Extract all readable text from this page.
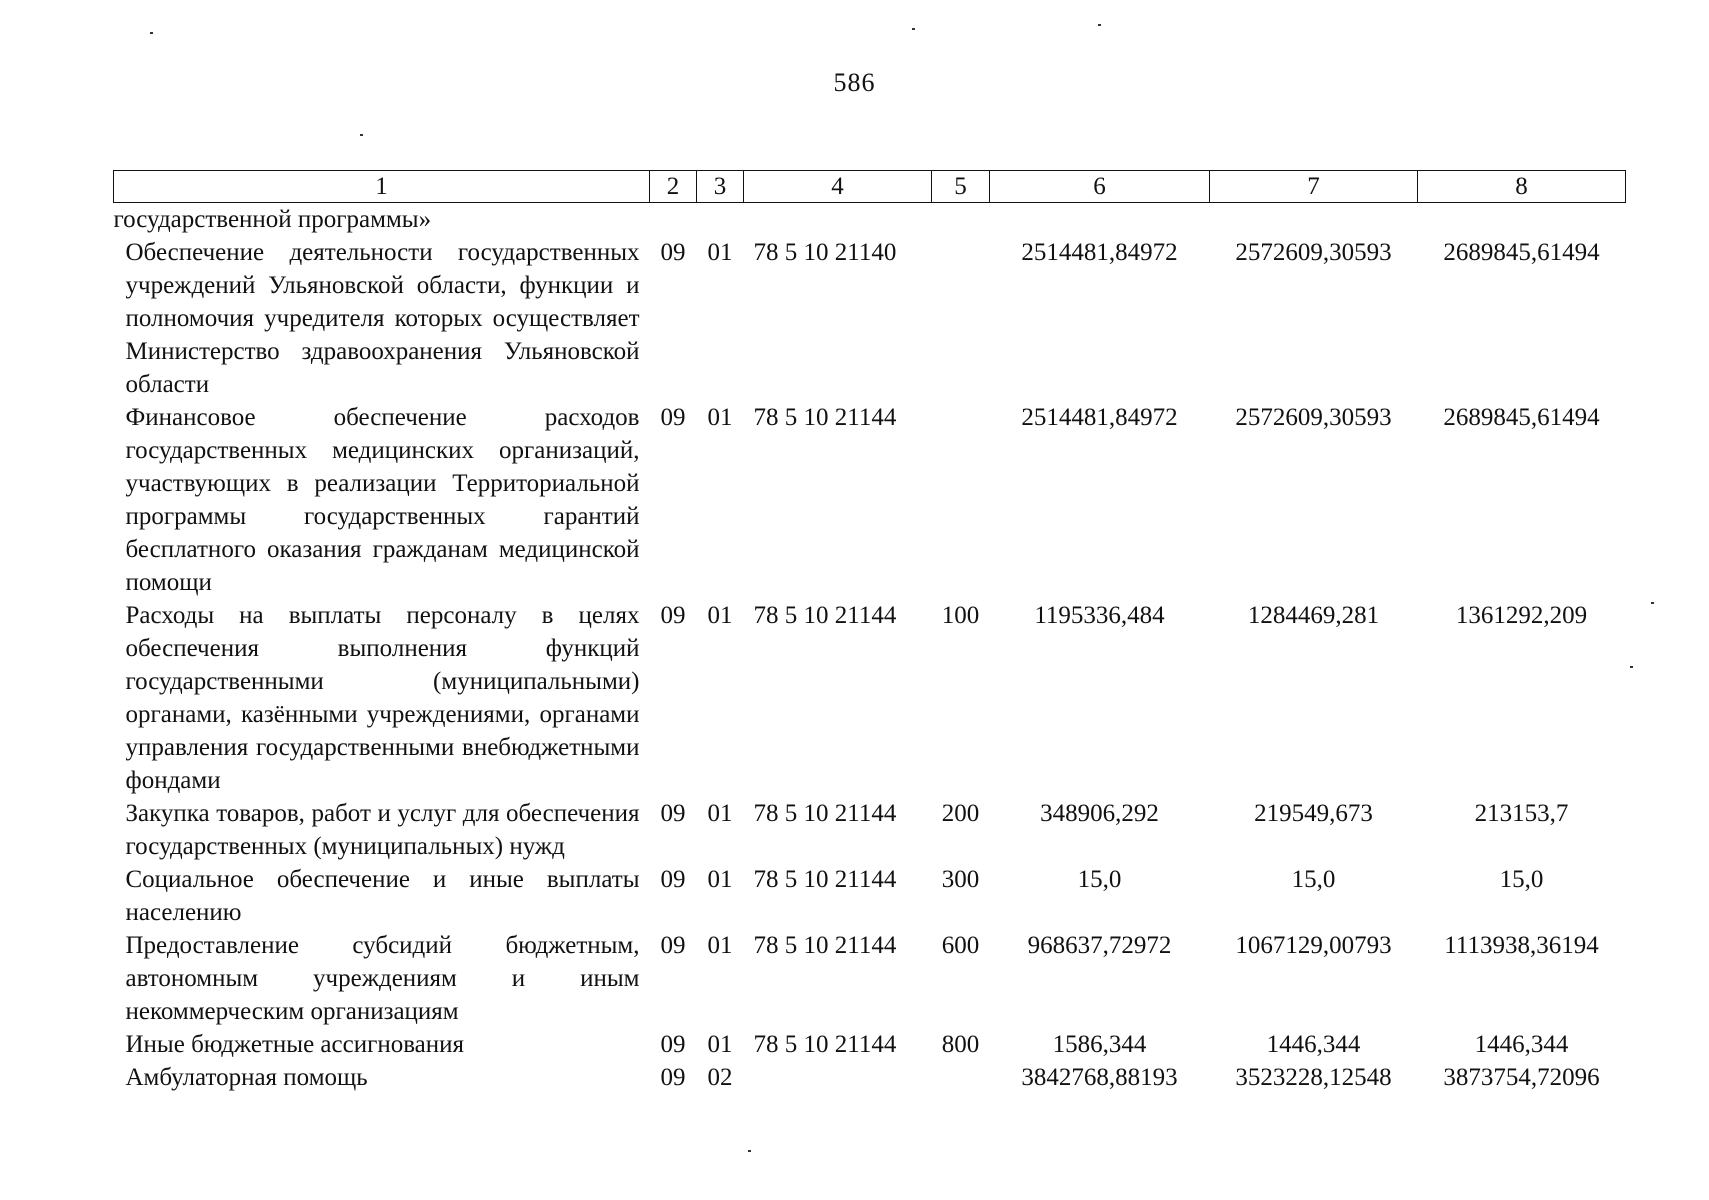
586
1	2	3	4	5	6	7	8
государственной программы»							
Обеспечение деятельности государственных учреждений Ульяновской области, функции и полномочия учредителя которых осуществляет Министерство здравоохранения Ульяновской области	09	01	78 5 10 21140		2514481,84972	2572609,30593	2689845,61494
Финансовое обеспечение расходов государственных медицинских организаций, участвующих в реализации Территориальной программы государственных гарантий бесплатного оказания гражданам медицинской помощи	09	01	78 5 10 21144		2514481,84972	2572609,30593	2689845,61494
Расходы на выплаты персоналу в целях обеспечения выполнения функций государственными (муниципальными) органами, казёнными учреждениями, органами управления государственными внебюджетными фондами	09	01	78 5 10 21144	100	1195336,484	1284469,281	1361292,209
Закупка товаров, работ и услуг для обеспечения государственных (муниципальных) нужд	09	01	78 5 10 21144	200	348906,292	219549,673	213153,7
Социальное обеспечение и иные выплаты населению	09	01	78 5 10 21144	300	15,0	15,0	15,0
Предоставление субсидий бюджетным, автономным учреждениям и иным некоммерческим организациям	09	01	78 5 10 21144	600	968637,72972	1067129,00793	1113938,36194
Иные бюджетные ассигнования	09	01	78 5 10 21144	800	1586,344	1446,344	1446,344
Амбулаторная помощь	09	02			3842768,88193	3523228,12548	3873754,72096
